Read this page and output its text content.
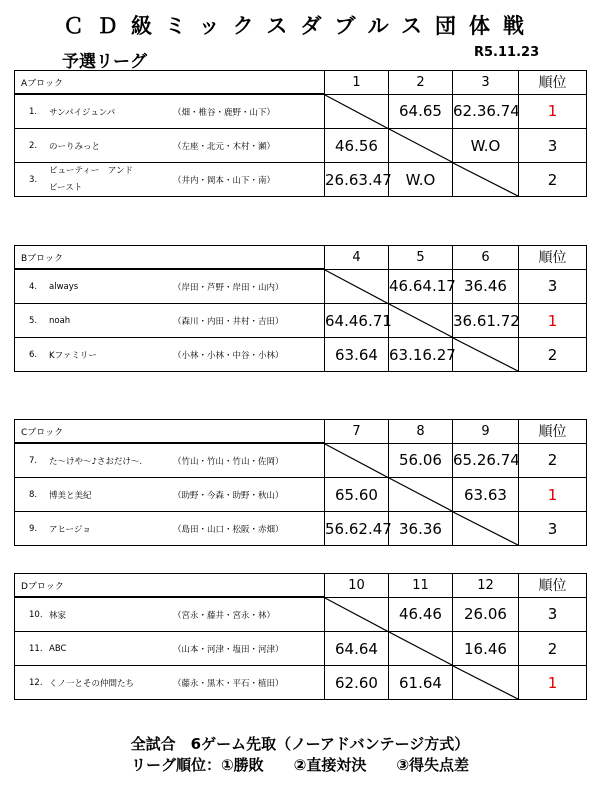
ＣＤ級ミックスダブルス団体戦
予選リーグ	R5.11.23
Aブロック	1	2	3	順位

1. サンパイジュンパ （畑・椎谷・鹿野・山下）		64.65	62.36.74	1

2. のーりみっと （左座・北元・木村・瀬）	46.56		W.O	3

3.
ビューティー　アンド
ビースト
（井内・岡本・山下・南）	26.63.47	W.O		2
Bブロック	4	5	6	順位

4. always （岸田・芦野・岸田・山内）		46.64.17	36.46	3

5. noah （森川・内田・井村・吉田）	64.46.71		36.61.72	1

6. Kファミリー （小林・小林・中谷・小林）	63.64	63.16.27		2
Cブロック	7	8	9	順位

7. た～けや～♪さおだけ～. （竹山・竹山・竹山・佐岡）		56.06	65.26.74	2

8. 博美と美紀 （助野・今森・助野・秋山）	65.60		63.63	1

9. アヒージョ （島田・山口・松阪・赤畑）	56.62.47	36.36		3
Dブロック	10	11	12	順位

10. 林家 （宮永・藤井・宮永・林）		46.46	26.06	3

11. ABC （山本・河津・塩田・河津）	64.64		16.46	2

12. くノ一とその仲間たち （藤永・黒木・平石・植田）	62.60	61.64		1
全試合　6ゲーム先取（ノーアドバンテージ方式）
リーグ順位：①勝敗　　②直接対決　　③得失点差
